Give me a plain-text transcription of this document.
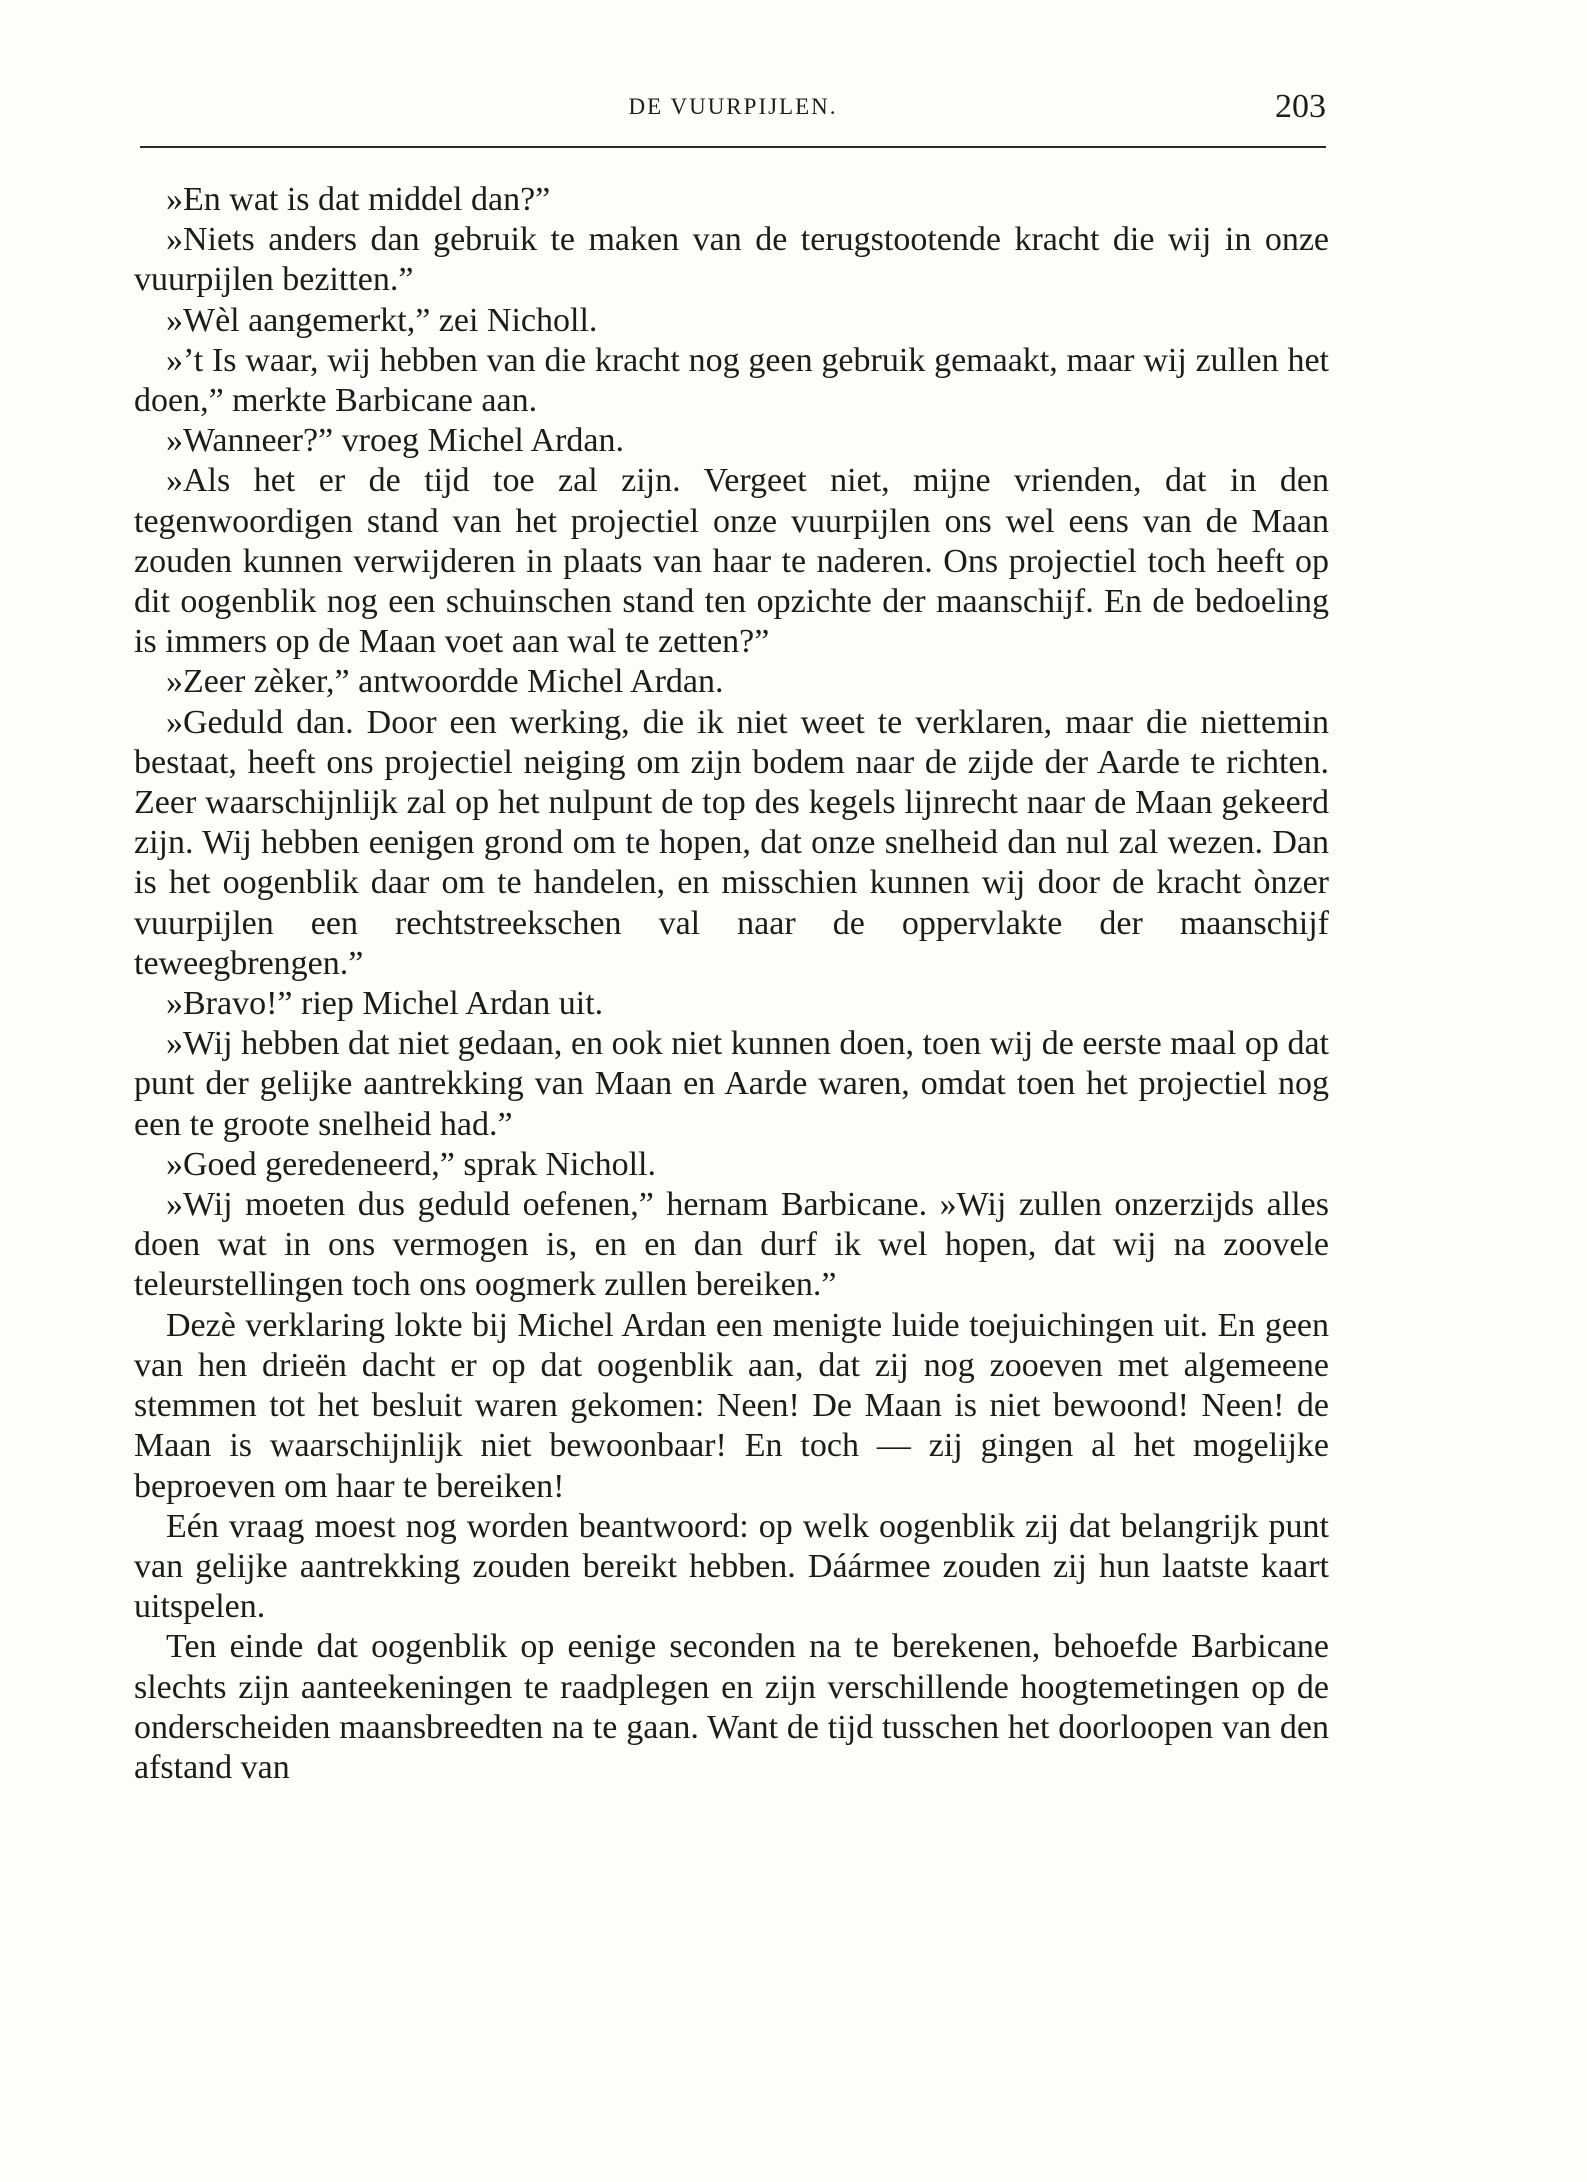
DE VUURPIJLEN.	203

»En wat is dat middel dan?”

»Niets anders dan gebruik te maken van de terugstootende kracht die wij in onze vuurpijlen bezitten.”

»Wèl aangemerkt,” zei Nicholl.

»’t Is waar, wij hebben van die kracht nog geen gebruik gemaakt, maar wij zullen het doen,” merkte Barbicane aan.

»Wanneer?” vroeg Michel Ardan.

»Als het er de tijd toe zal zijn. Vergeet niet, mijne vrienden, dat in den tegenwoordigen stand van het projectiel onze vuurpijlen ons wel eens van de Maan zouden kunnen verwijderen in plaats van haar te naderen. Ons projectiel toch heeft op dit oogenblik nog een schuinschen stand ten opzichte der maanschijf. En de bedoeling is immers op de Maan voet aan wal te zetten?”

»Zeer zèker,” antwoordde Michel Ardan.

»Geduld dan. Door een werking, die ik niet weet te verklaren, maar die niettemin bestaat, heeft ons projectiel neiging om zijn bodem naar de zijde der Aarde te richten. Zeer waarschijnlijk zal op het nulpunt de top des kegels lijnrecht naar de Maan gekeerd zijn. Wij hebben eenigen grond om te hopen, dat onze snelheid dan nul zal wezen. Dan is het oogenblik daar om te handelen, en misschien kunnen wij door de kracht ònzer vuurpijlen een rechtstreekschen val naar de oppervlakte der maanschijf teweegbrengen.”

»Bravo!” riep Michel Ardan uit.

»Wij hebben dat niet gedaan, en ook niet kunnen doen, toen wij de eerste maal op dat punt der gelijke aantrekking van Maan en Aarde waren, omdat toen het projectiel nog een te groote snelheid had.”

»Goed geredeneerd,” sprak Nicholl.

»Wij moeten dus geduld oefenen,” hernam Barbicane. »Wij zullen onzerzijds alles doen wat in ons vermogen is, en en dan durf ik wel hopen, dat wij na zoovele teleurstellingen toch ons oogmerk zullen bereiken.”

Dezè verklaring lokte bij Michel Ardan een menigte luide toejuichingen uit. En geen van hen drieën dacht er op dat oogenblik aan, dat zij nog zooeven met algemeene stemmen tot het besluit waren gekomen: Neen! De Maan is niet bewoond! Neen! de Maan is waarschijnlijk niet bewoonbaar! En toch — zij gingen al het mogelijke beproeven om haar te bereiken!

Eén vraag moest nog worden beantwoord: op welk oogenblik zij dat belangrijk punt van gelijke aantrekking zouden bereikt hebben. Dáármee zouden zij hun laatste kaart uitspelen.

Ten einde dat oogenblik op eenige seconden na te berekenen, behoefde Barbicane slechts zijn aanteekeningen te raadplegen en zijn verschillende hoogtemetingen op de onderscheiden maansbreedten na te gaan. Want de tijd tusschen het doorloopen van den afstand van
